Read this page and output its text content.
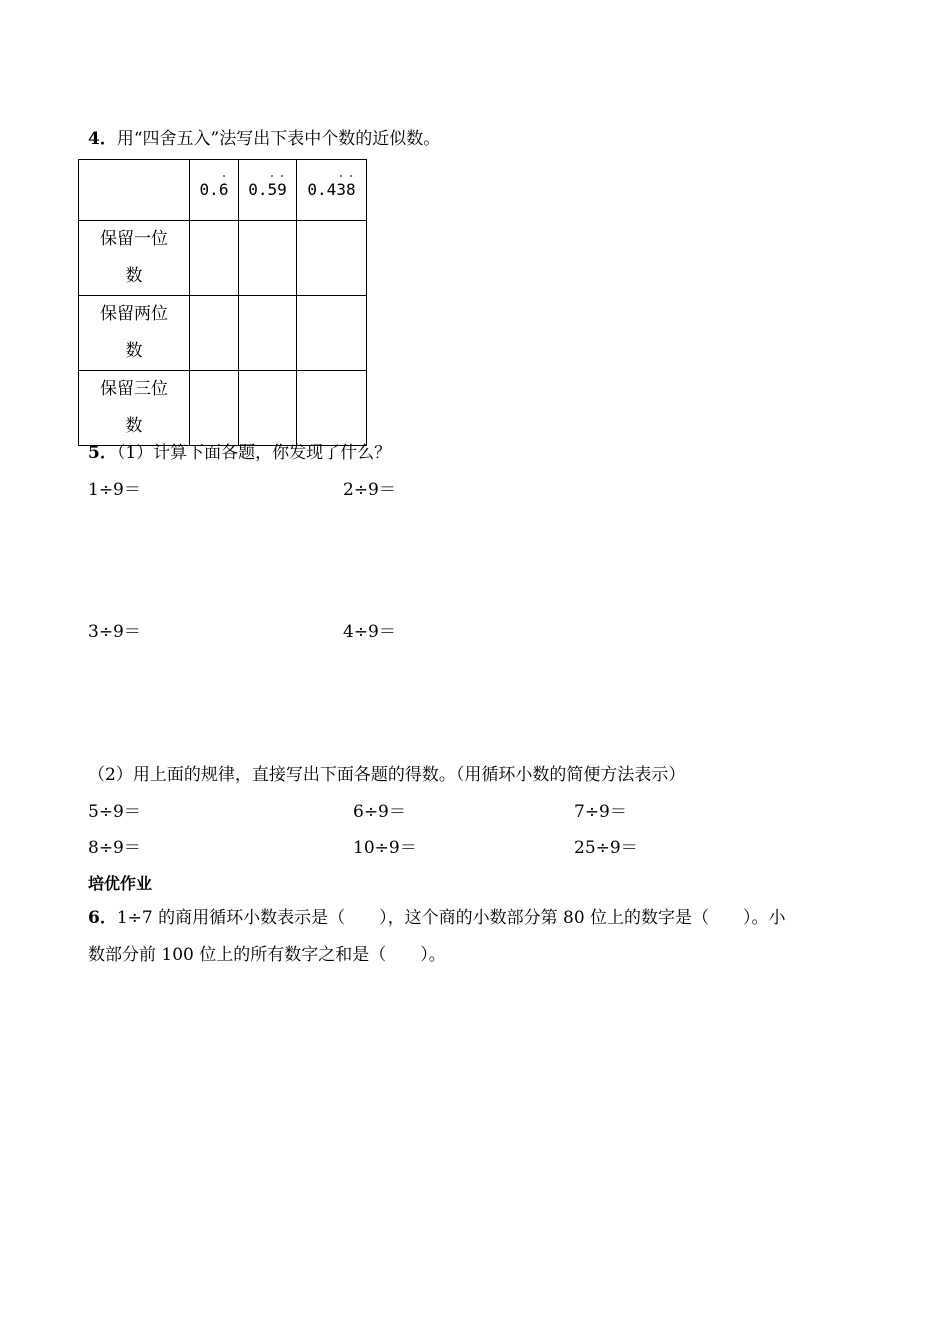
4．用“四舍五入”法写出下表中个数的近似数。
	0.6	0.59	0.438

保留一位
数			

保留两位
数			

保留三位
数			

5．（1）计算下面各题，你发现了什么？
1÷9＝	2÷9＝
3÷9＝	4÷9＝
（2）用上面的规律，直接写出下面各题的得数。（用循环小数的简便方法表示）
5÷9＝	6÷9＝	7÷9＝
8÷9＝	10÷9＝	25÷9＝
培优作业
6．1÷7 的商用循环小数表示是（　　），这个商的小数部分第 80 位上的数字是（　　）。小
数部分前 100 位上的所有数字之和是（　　）。
